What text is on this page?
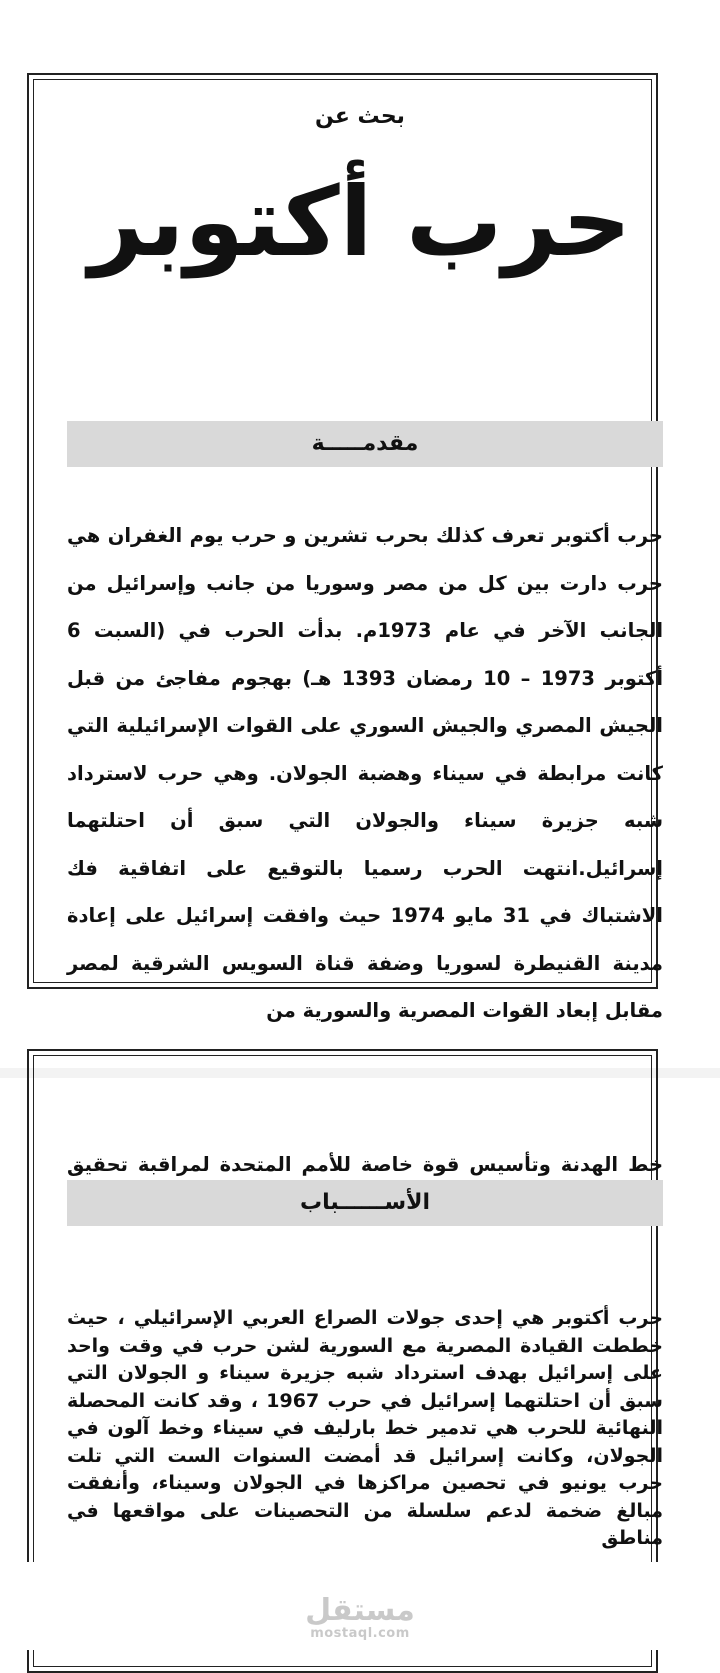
بحث عن
حرب أكتوبر
مقدمـــــة
حرب أكتوبر تعرف كذلك بحرب تشرين و حرب يوم الغفران هي حرب دارت بين كل من مصر وسوريا من جانب وإسرائيل من الجانب الآخر في عام 1973م. بدأت الحرب في (السبت 6 أكتوبر 1973 – 10 رمضان 1393 هـ) بهجوم مفاجئ من قبل الجيش المصري والجيش السوري على القوات الإسرائيلية التي كانت مرابطة في سيناء وهضبة الجولان. وهي حرب لاسترداد شبه جزيرة سيناء والجولان التي سبق أن احتلتهما إسرائيل.انتهت الحرب رسميا بالتوقيع على اتفاقية فك الاشتباك في 31 مايو 1974 حيث وافقت إسرائيل على إعادة مدينة القنيطرة لسوريا وضفة قناة السويس الشرقية لمصر مقابل إبعاد القوات المصرية والسورية من
خط الهدنة وتأسيس قوة خاصة للأمم المتحدة لمراقبة تحقيق
الأســــــباب
حرب أكتوبر هي إحدى جولات الصراع العربي الإسرائيلي ، حيث خططت القيادة المصرية مع السورية لشن حرب في وقت واحد على إسرائيل بهدف استرداد شبه جزيرة سيناء و الجولان التي سبق أن احتلتهما إسرائيل في حرب 1967 ، وقد كانت المحصلة النهائية للحرب هي تدمير خط بارليف في سيناء وخط آلون في الجولان، وكانت إسرائيل قد أمضت السنوات الست التي تلت حرب يونيو في تحصين مراكزها في الجولان وسيناء، وأنفقت مبالغ ضخمة لدعم سلسلة من التحصينات على مواقعها في مناطق
مستقل
mostaql.com
